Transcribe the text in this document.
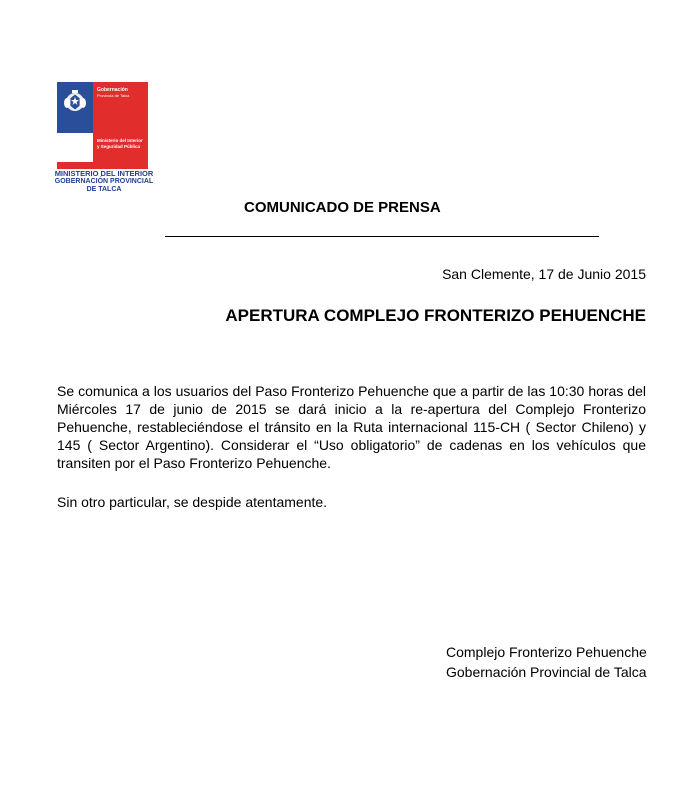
Gobernación
Provincia de Talca
Ministerio del Interior y Seguridad Pública
MINISTERIO DEL INTERIOR
GOBERNACIÓN PROVINCIAL
DE TALCA
COMUNICADO DE PRENSA
San Clemente, 17 de Junio 2015
APERTURA COMPLEJO FRONTERIZO PEHUENCHE
Se comunica a los usuarios del Paso Fronterizo Pehuenche que a partir de las 10:30 horas del Miércoles 17 de junio de 2015 se dará inicio a la re-apertura del Complejo Fronterizo Pehuenche, restableciéndose el tránsito en la Ruta internacional 115-CH ( Sector Chileno) y 145 ( Sector Argentino). Considerar el “Uso obligatorio” de cadenas en los vehículos que transiten por el Paso Fronterizo Pehuenche.
Sin otro particular, se despide atentamente.
Complejo Fronterizo Pehuenche
Gobernación Provincial de Talca
